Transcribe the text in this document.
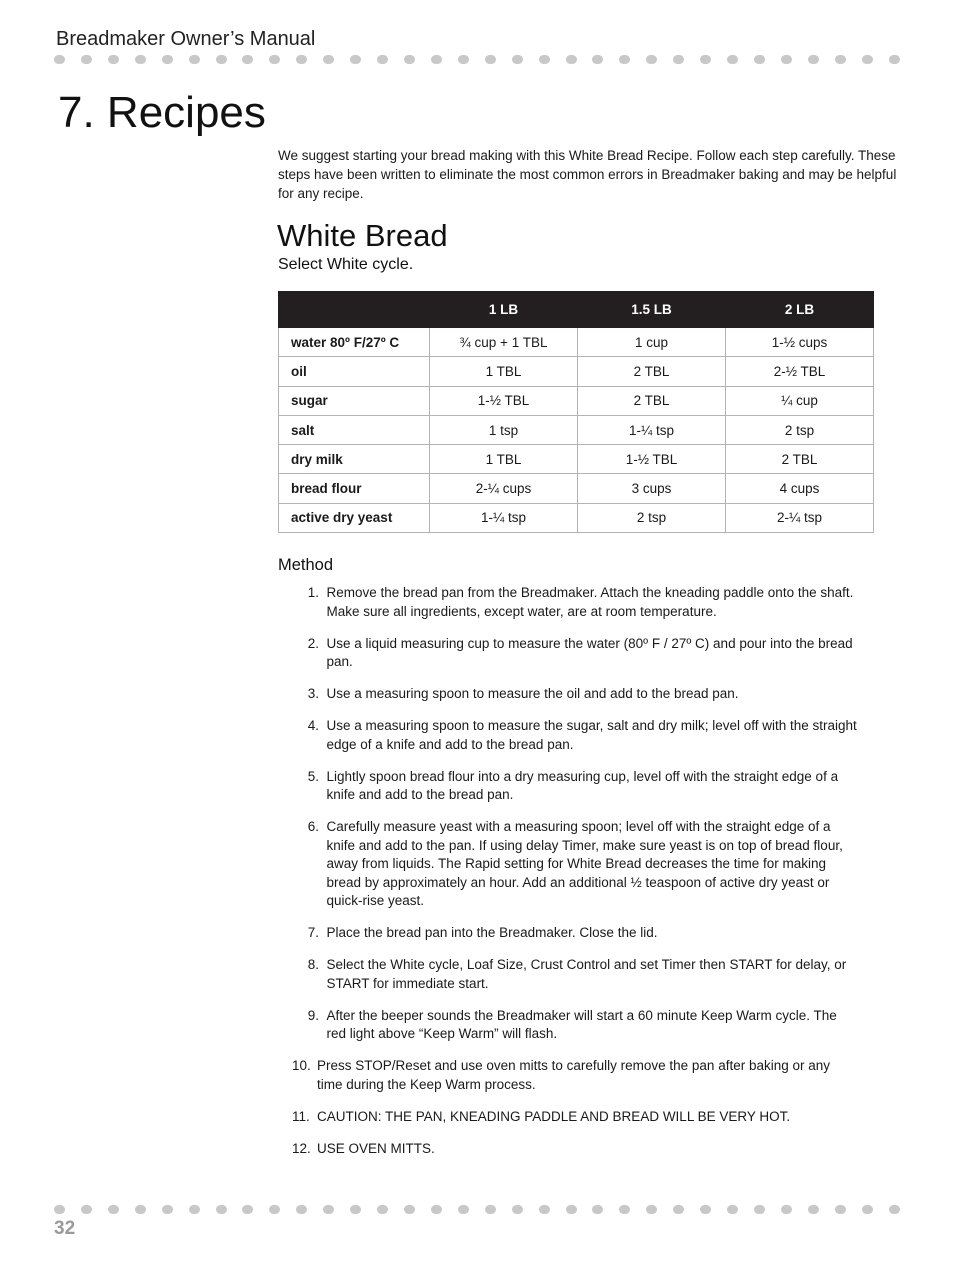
Breadmaker Owner’s Manual
7. Recipes

We suggest starting your bread making with this White Bread Recipe. Follow each step carefully. These steps have been written to eliminate the most common errors in Breadmaker baking and may be helpful for any recipe.

White Bread
Select White cycle.
	1 LB	1.5 LB	2 LB
water 80º F/27º C	¾ cup + 1 TBL	1 cup	1-½ cups
oil	1 TBL	2 TBL	2-½ TBL
sugar	1-½ TBL	2 TBL	¼ cup
salt	1 tsp	1-¼ tsp	2 tsp
dry milk	1 TBL	1-½ TBL	2 TBL
bread flour	2-¼ cups	3 cups	4 cups
active dry yeast	1-¼ tsp	2 tsp	2-¼ tsp
Method
1.
Remove the bread pan from the Breadmaker. Attach the kneading paddle onto the shaft. Make sure all ingredients, except water, are at room temperature.
2.
Use a liquid measuring cup to measure the water (80º F / 27º C) and pour into the bread pan.
3.
Use a measuring spoon to measure the oil and add to the bread pan.
4.
Use a measuring spoon to measure the sugar, salt and dry milk; level off with the straight edge of a knife and add to the bread pan.
5.
Lightly spoon bread flour into a dry measuring cup, level off with the straight edge of a knife and add to the bread pan.
6.
Carefully measure yeast with a measuring spoon; level off with the straight edge of a knife and add to the pan. If using delay Timer, make sure yeast is on top of bread flour, away from liquids. The Rapid setting for White Bread decreases the time for making bread by approximately an hour. Add an additional ½ teaspoon of active dry yeast or quick-rise yeast.
7.
Place the bread pan into the Breadmaker. Close the lid.
8.
Select the White cycle, Loaf Size, Crust Control and set Timer then START for delay, or START for immediate start.
9.
After the beeper sounds the Breadmaker will start a 60 minute Keep Warm cycle. The red light above “Keep Warm” will flash.
10. Press STOP/Reset and use oven mitts to carefully remove the pan after baking or any time during the Keep Warm process.
11. CAUTION: THE PAN, KNEADING PADDLE AND BREAD WILL BE VERY HOT.
12. USE OVEN MITTS.
32
